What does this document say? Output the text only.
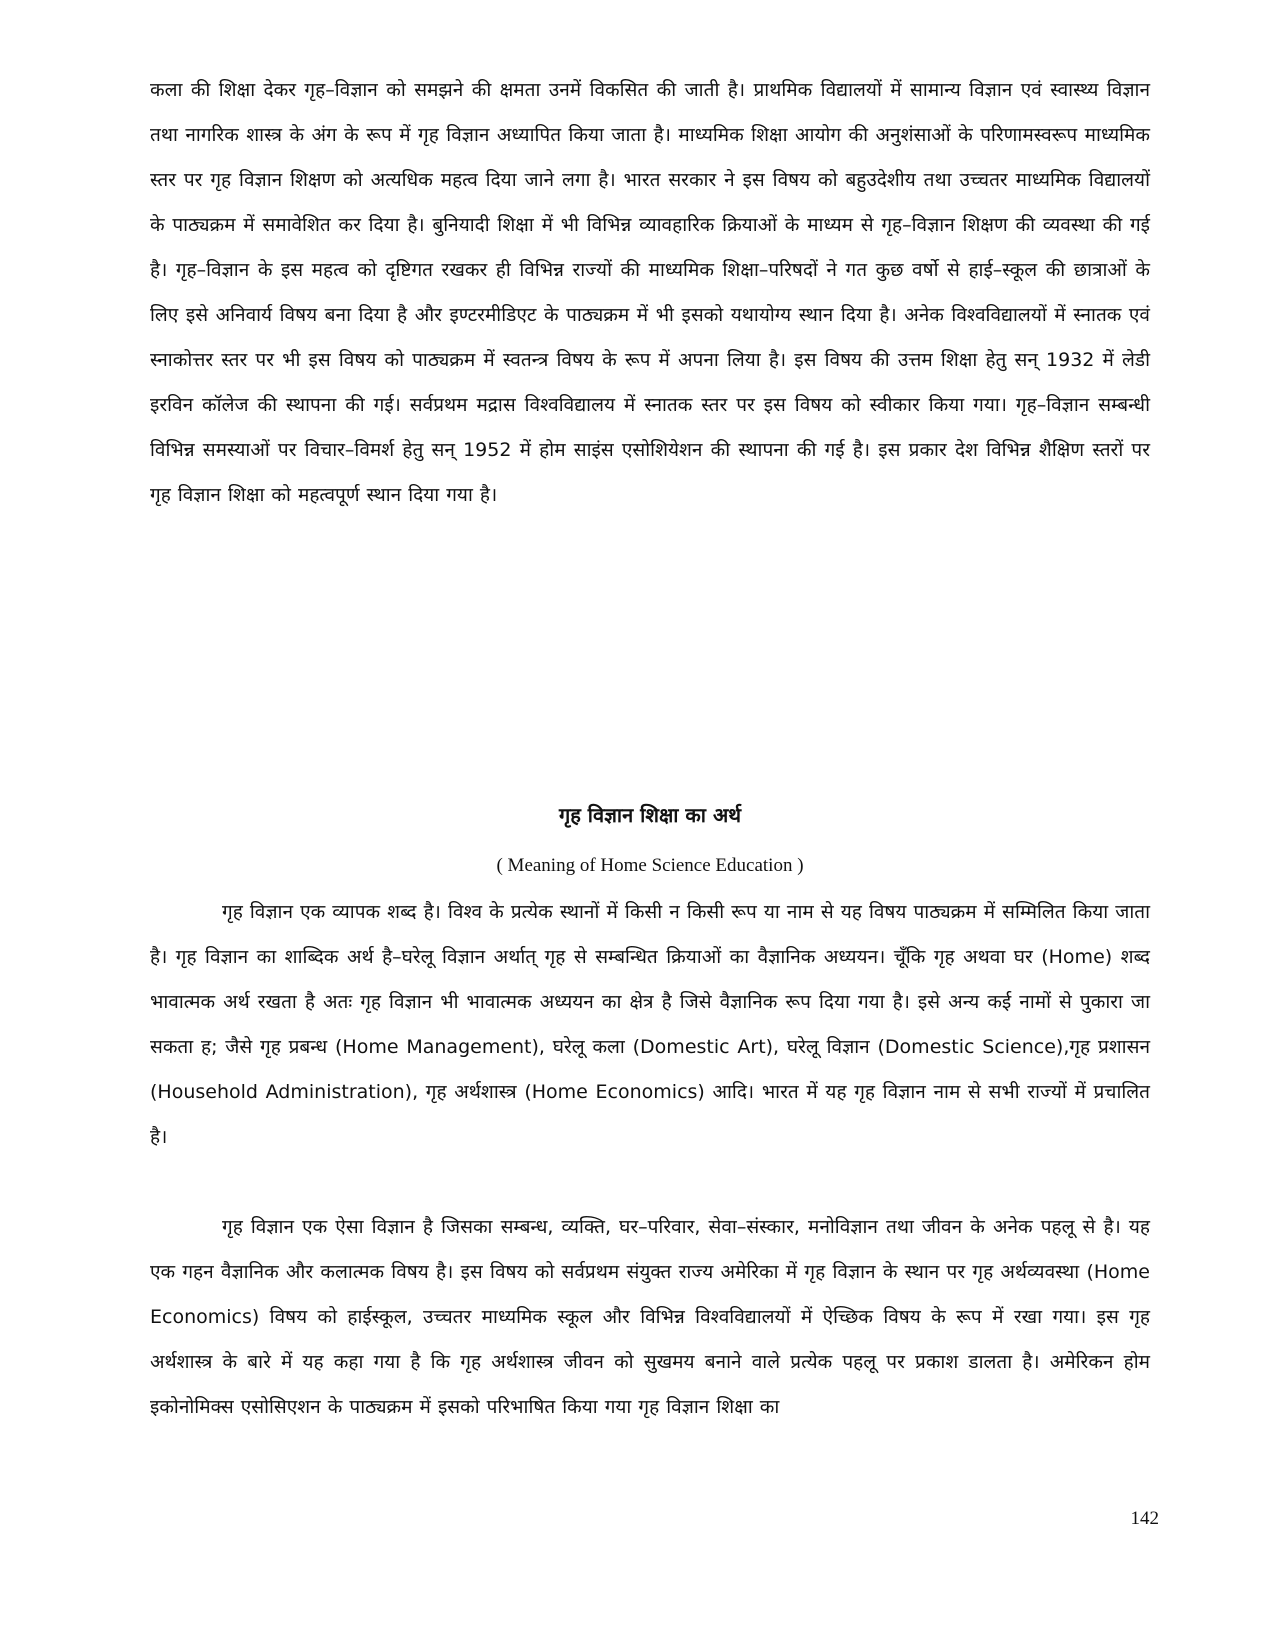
कला की शिक्षा देकर गृह–विज्ञान को समझने की क्षमता उनमें विकसित की जाती है। प्राथमिक विद्यालयों में सामान्य विज्ञान एवं स्वास्थ्य विज्ञान तथा नागरिक शास्त्र के अंग के रूप में गृह विज्ञान अध्यापित किया जाता है। माध्यमिक शिक्षा आयोग की अनुशंसाओं के परिणामस्वरूप माध्यमिक स्तर पर गृह विज्ञान शिक्षण को अत्यधिक महत्व दिया जाने लगा है। भारत सरकार ने इस विषय को बहुउदेशीय तथा उच्चतर माध्यमिक विद्यालयों के पाठ्यक्रम में समावेशित कर दिया है। बुनियादी शिक्षा में भी विभिन्न व्यावहारिक क्रियाओं के माध्यम से गृह–विज्ञान शिक्षण की व्यवस्था की गई है। गृह–विज्ञान के इस महत्व को दृष्टिगत रखकर ही विभिन्न राज्यों की माध्यमिक शिक्षा–परिषदों ने गत कुछ वर्षो से हाई–स्कूल की छात्राओं के लिए इसे अनिवार्य विषय बना दिया है और इण्टरमीडिएट के पाठ्यक्रम में भी इसको यथायोग्य स्थान दिया है। अनेक विश्वविद्यालयों में स्नातक एवं स्नाकोत्तर स्तर पर भी इस विषय को पाठ्यक्रम में स्वतन्त्र विषय के रूप में अपना लिया है। इस विषय की उत्तम शिक्षा हेतु सन् 1932 में लेडी इरविन कॉलेज की स्थापना की गई। सर्वप्रथम मद्रास विश्वविद्यालय में स्नातक स्तर पर इस विषय को स्वीकार किया गया। गृह–विज्ञान सम्बन्धी विभिन्न समस्याओं पर विचार–विमर्श हेतु सन् 1952 में होम साइंस एसोशियेशन की स्थापना की गई है। इस प्रकार देश विभिन्न शैक्षिण स्तरों पर गृह विज्ञान शिक्षा को महत्वपूर्ण स्थान दिया गया है।

गृह विज्ञान शिक्षा का अर्थ
( Meaning of Home Science Education )

गृह विज्ञान एक व्यापक शब्द है। विश्व के प्रत्येक स्थानों में किसी न किसी रूप या नाम से यह विषय पाठ्यक्रम में सम्मिलित किया जाता है। गृह विज्ञान का शाब्दिक अर्थ है–घरेलू विज्ञान अर्थात् गृह से सम्बन्धित क्रियाओं का वैज्ञानिक अध्ययन। चूँकि गृह अथवा घर (Home) शब्द भावात्मक अर्थ रखता है अतः गृह विज्ञान भी भावात्मक अध्ययन का क्षेत्र है जिसे वैज्ञानिक रूप दिया गया है। इसे अन्य कई नामों से पुकारा जा सकता ह; जैसे गृह प्रबन्ध (Home Management), घरेलू कला (Domestic Art), घरेलू विज्ञान (Domestic Science),गृह प्रशासन (Household Administration), गृह अर्थशास्त्र (Home Economics) आदि। भारत में यह गृह विज्ञान नाम से सभी राज्यों में प्रचालित है।

गृह विज्ञान एक ऐसा विज्ञान है जिसका सम्बन्ध, व्यक्ति, घर–परिवार, सेवा–संस्कार, मनोविज्ञान तथा जीवन के अनेक पहलू से है। यह एक गहन वैज्ञानिक और कलात्मक विषय है। इस विषय को सर्वप्रथम संयुक्त राज्य अमेरिका में गृह विज्ञान के स्थान पर गृह अर्थव्यवस्था (Home Economics) विषय को हाईस्कूल, उच्चतर माध्यमिक स्कूल और विभिन्न विश्वविद्यालयों में ऐच्छिक विषय के रूप में रखा गया। इस गृह अर्थशास्त्र के बारे में यह कहा गया है कि गृह अर्थशास्त्र जीवन को सुखमय बनाने वाले प्रत्येक पहलू पर प्रकाश डालता है। अमेरिकन होम इकोनोमिक्स एसोसिएशन के पाठ्यक्रम में इसको परिभाषित किया गया गृह विज्ञान शिक्षा का

142
